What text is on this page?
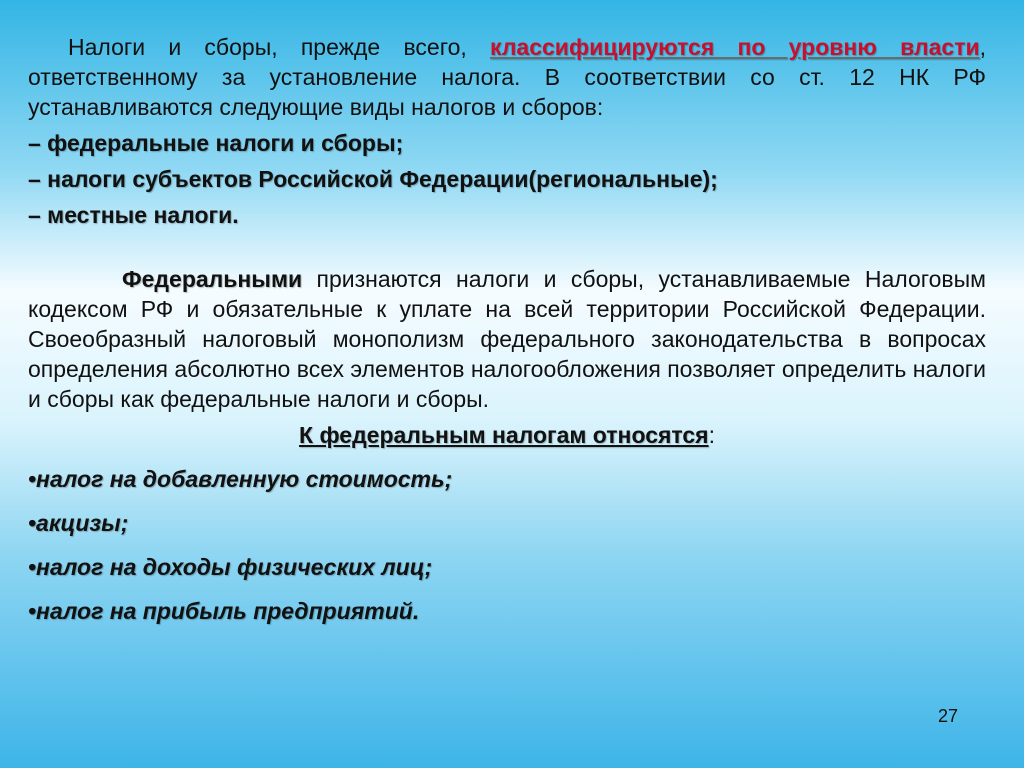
Налоги и сборы, прежде всего, классифицируются по уровню власти, ответственному за установление налога. В соответствии со ст. 12 НК РФ устанавливаются следующие виды налогов и сборов:

– федеральные налоги и сборы;

– налоги субъектов Российской Федерации(региональные);

– местные налоги.

Федеральными признаются налоги и сборы, устанавливаемые Налоговым кодексом РФ и обязательные к уплате на всей территории Российской Федерации. Своеобразный налоговый монополизм федерального законодательства в вопросах определения абсолютно всех элементов налогообложения позволяет определить налоги и сборы как федеральные налоги и сборы.

К федеральным налогам относятся:

•налог на добавленную стоимость;

•акцизы;

•налог на доходы физических лиц;

•налог на прибыль предприятий.

27
